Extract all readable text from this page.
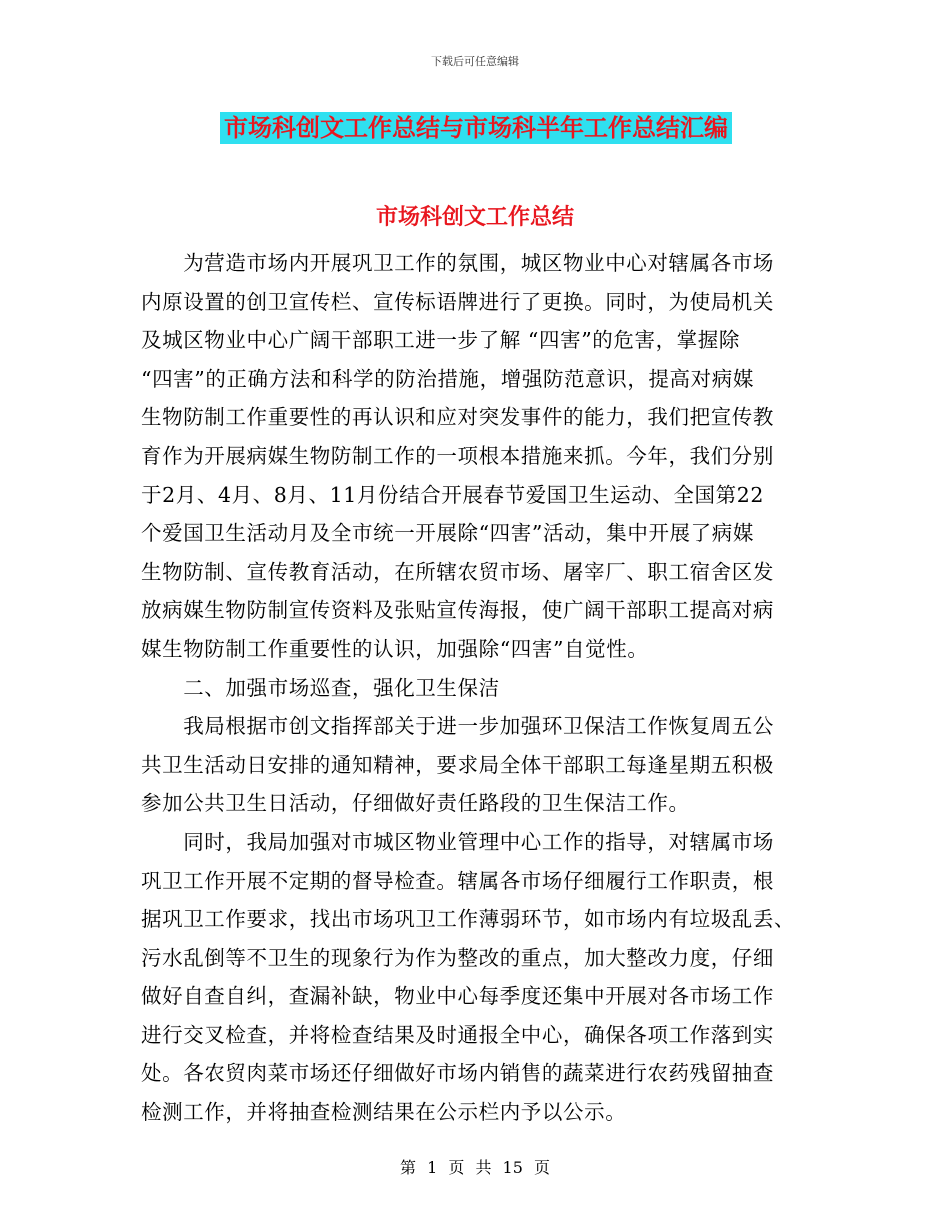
下载后可任意编辑
市场科创文工作总结与市场科半年工作总结汇编
市场科创文工作总结
　　为营造市场内开展巩卫工作的氛围，城区物业中心对辖属各市场
内原设置的创卫宣传栏、宣传标语牌进行了更换。同时，为使局机关
及城区物业中心广阔干部职工进一步了解 “四害”的危害，掌握除
“四害”的正确方法和科学的防治措施，增强防范意识，提高对病媒
生物防制工作重要性的再认识和应对突发事件的能力，我们把宣传教
育作为开展病媒生物防制工作的一项根本措施来抓。今年，我们分别
于2月、4月、8月、11月份结合开展春节爱国卫生运动、全国第22
个爱国卫生活动月及全市统一开展除“四害”活动，集中开展了病媒
生物防制、宣传教育活动，在所辖农贸市场、屠宰厂、职工宿舍区发
放病媒生物防制宣传资料及张贴宣传海报，使广阔干部职工提高对病
媒生物防制工作重要性的认识，加强除“四害”自觉性。
　　二、加强市场巡查，强化卫生保洁
　　我局根据市创文指挥部关于进一步加强环卫保洁工作恢复周五公
共卫生活动日安排的通知精神，要求局全体干部职工每逢星期五积极
参加公共卫生日活动，仔细做好责任路段的卫生保洁工作。
　　同时，我局加强对市城区物业管理中心工作的指导，对辖属市场
巩卫工作开展不定期的督导检查。辖属各市场仔细履行工作职责，根
据巩卫工作要求，找出市场巩卫工作薄弱环节，如市场内有垃圾乱丢、
污水乱倒等不卫生的现象行为作为整改的重点，加大整改力度，仔细
做好自查自纠，查漏补缺，物业中心每季度还集中开展对各市场工作
进行交叉检查，并将检查结果及时通报全中心，确保各项工作落到实
处。各农贸肉菜市场还仔细做好市场内销售的蔬菜进行农药残留抽查
检测工作，并将抽查检测结果在公示栏内予以公示。
第 1 页 共 15 页
